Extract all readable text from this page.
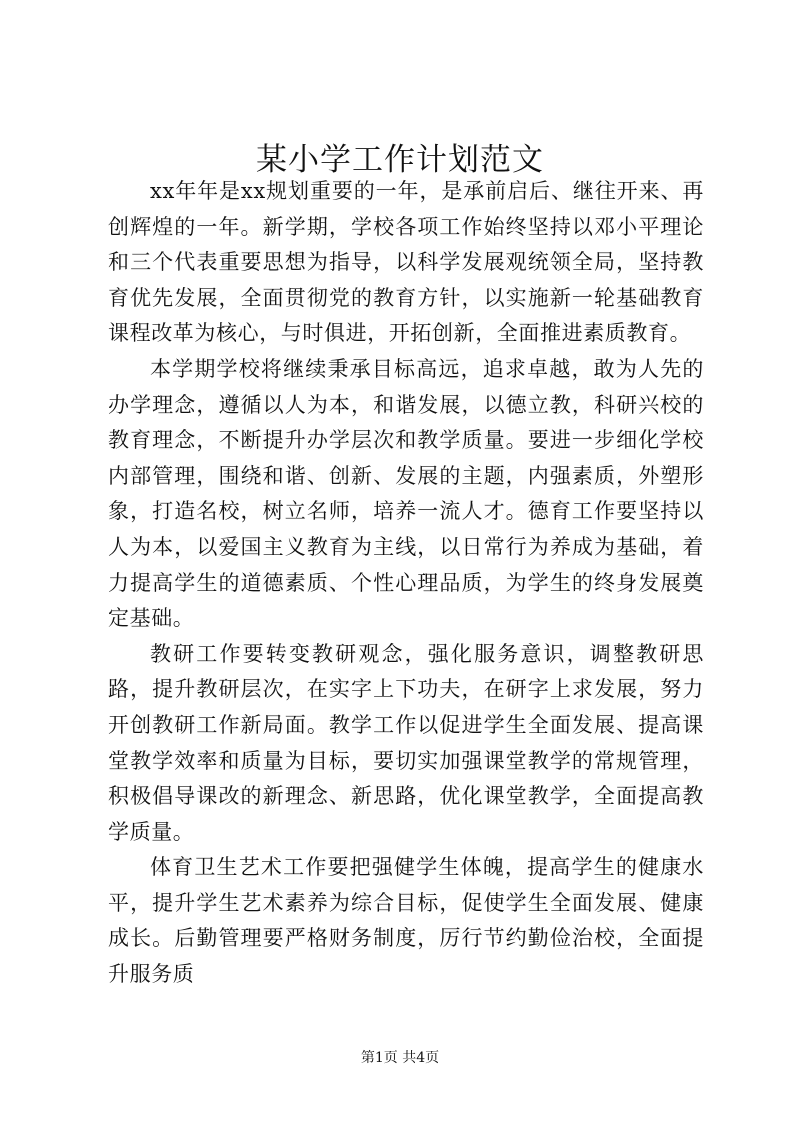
某小学工作计划范文

xx年年是xx规划重要的一年，是承前启后、继往开来、再创辉煌的一年。新学期，学校各项工作始终坚持以邓小平理论和三个代表重要思想为指导，以科学发展观统领全局，坚持教育优先发展，全面贯彻党的教育方针，以实施新一轮基础教育课程改革为核心，与时俱进，开拓创新，全面推进素质教育。

本学期学校将继续秉承目标高远，追求卓越，敢为人先的办学理念，遵循以人为本，和谐发展，以德立教，科研兴校的教育理念，不断提升办学层次和教学质量。要进一步细化学校内部管理，围绕和谐、创新、发展的主题，内强素质，外塑形象，打造名校，树立名师，培养一流人才。德育工作要坚持以人为本，以爱国主义教育为主线，以日常行为养成为基础，着力提高学生的道德素质、个性心理品质，为学生的终身发展奠定基础。

教研工作要转变教研观念，强化服务意识，调整教研思路，提升教研层次，在实字上下功夫，在研字上求发展，努力开创教研工作新局面。教学工作以促进学生全面发展、提高课堂教学效率和质量为目标，要切实加强课堂教学的常规管理，积极倡导课改的新理念、新思路，优化课堂教学，全面提高教学质量。

体育卫生艺术工作要把强健学生体魄，提高学生的健康水平，提升学生艺术素养为综合目标，促使学生全面发展、健康成长。后勤管理要严格财务制度，厉行节约勤俭治校，全面提升服务质

第1页 共4页
